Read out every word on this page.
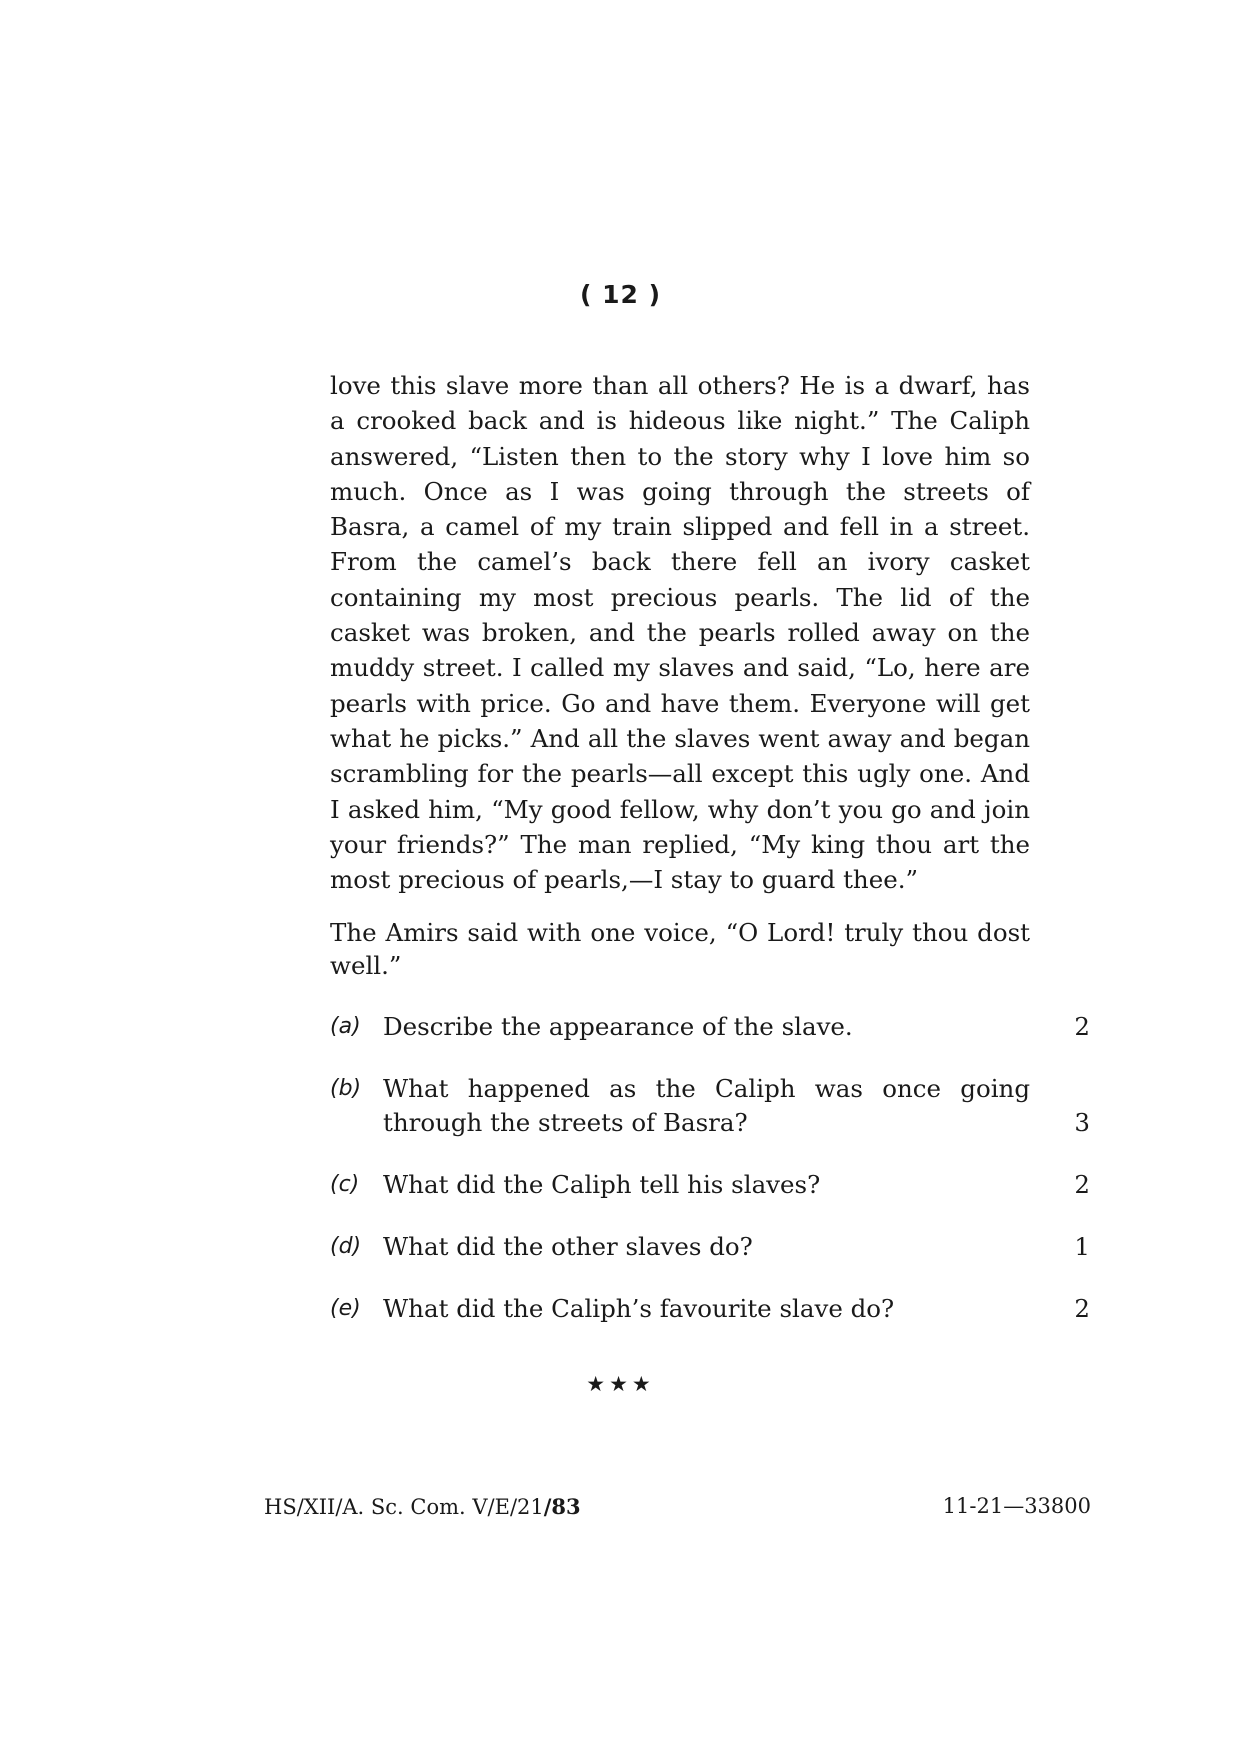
( 12 )

love this slave more than all others? He is a dwarf, has a crooked back and is hideous like night.” The Caliph answered, “Listen then to the story why I love him so much. Once as I was going through the streets of Basra, a camel of my train slipped and fell in a street. From the camel’s back there fell an ivory casket containing my most precious pearls. The lid of the casket was broken, and the pearls rolled away on the muddy street. I called my slaves and said, “Lo, here are pearls with price. Go and have them. Everyone will get what he picks.” And all the slaves went away and began scrambling for the pearls—all except this ugly one. And I asked him, “My good fellow, why don’t you go and join your friends?” The man replied, “My king thou art the most precious of pearls,—I stay to guard thee.”

The Amirs said with one voice, “O Lord! truly thou dost well.”

(a) Describe the appearance of the slave.	2
(b) What happened as the Caliph was once going through the streets of Basra?	3
(c) What did the Caliph tell his slaves?	2
(d) What did the other slaves do?	1
(e) What did the Caliph’s favourite slave do?	2
★★★
HS/XII/A. Sc. Com. V/E/21/83	11-21—33800
